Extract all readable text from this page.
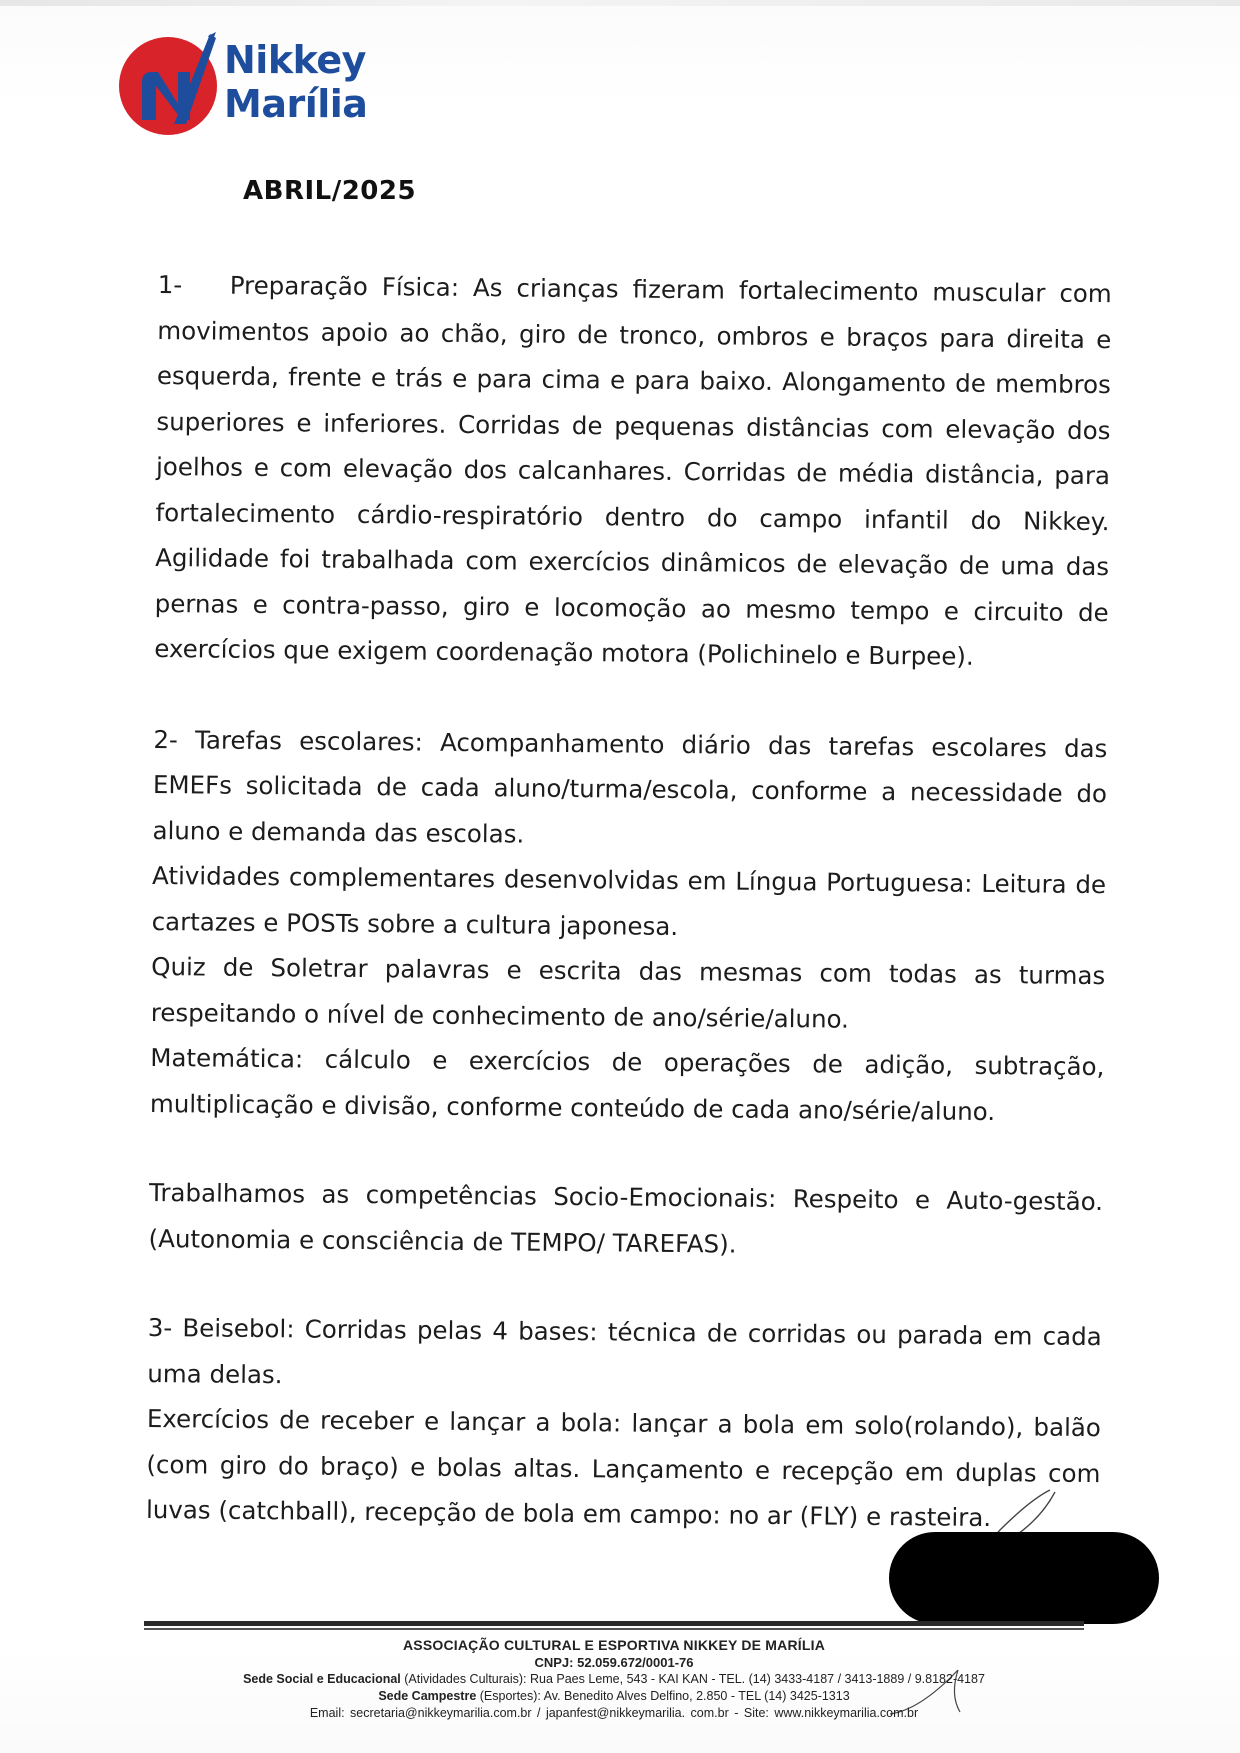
Nikkey
Marília
ABRIL/2025

1- Preparação Física: As crianças fizeram fortalecimento muscular com movimentos apoio ao chão, giro de tronco, ombros e braços para direita e esquerda, frente e trás e para cima e para baixo. Alongamento de membros superiores e inferiores. Corridas de pequenas distâncias com elevação dos joelhos e com elevação dos calcanhares. Corridas de média distância, para fortalecimento cárdio-respiratório dentro do campo infantil do Nikkey. Agilidade foi trabalhada com exercícios dinâmicos de elevação de uma das pernas e contra-passo, giro e locomoção ao mesmo tempo e circuito de exercícios que exigem coordenação motora (Polichinelo e Burpee).

2- Tarefas escolares: Acompanhamento diário das tarefas escolares das EMEFs solicitada de cada aluno/turma/escola, conforme a necessidade do aluno e demanda das escolas.

Atividades complementares desenvolvidas em Língua Portuguesa: Leitura de cartazes e POSTs sobre a cultura japonesa.

Quiz de Soletrar palavras e escrita das mesmas com todas as turmas respeitando o nível de conhecimento de ano/série/aluno.

Matemática: cálculo e exercícios de operações de adição, subtração, multiplicação e divisão, conforme conteúdo de cada ano/série/aluno.

Trabalhamos as competências Socio-Emocionais: Respeito e Auto-gestão.(Autonomia e consciência de TEMPO/ TAREFAS).

3- Beisebol: Corridas pelas 4 bases: técnica de corridas ou parada em cada uma delas.

Exercícios de receber e lançar a bola: lançar a bola em solo(rolando), balão (com giro do braço) e bolas altas. Lançamento e recepção em duplas com luvas (catchball), recepção de bola em campo: no ar (FLY) e rasteira.

ASSOCIAÇÃO CULTURAL E ESPORTIVA NIKKEY DE MARÍLIA
CNPJ: 52.059.672/0001-76
Sede Social e Educacional (Atividades Culturais): Rua Paes Leme, 543 - KAI KAN - TEL. (14) 3433-4187 / 3413-1889 / 9.8182-4187
Sede Campestre (Esportes): Av. Benedito Alves Delfino, 2.850 - TEL (14) 3425-1313
Email: secretaria@nikkeymarilia.com.br / japanfest@nikkeymarilia. com.br - Site: www.nikkeymarilia.com.br
